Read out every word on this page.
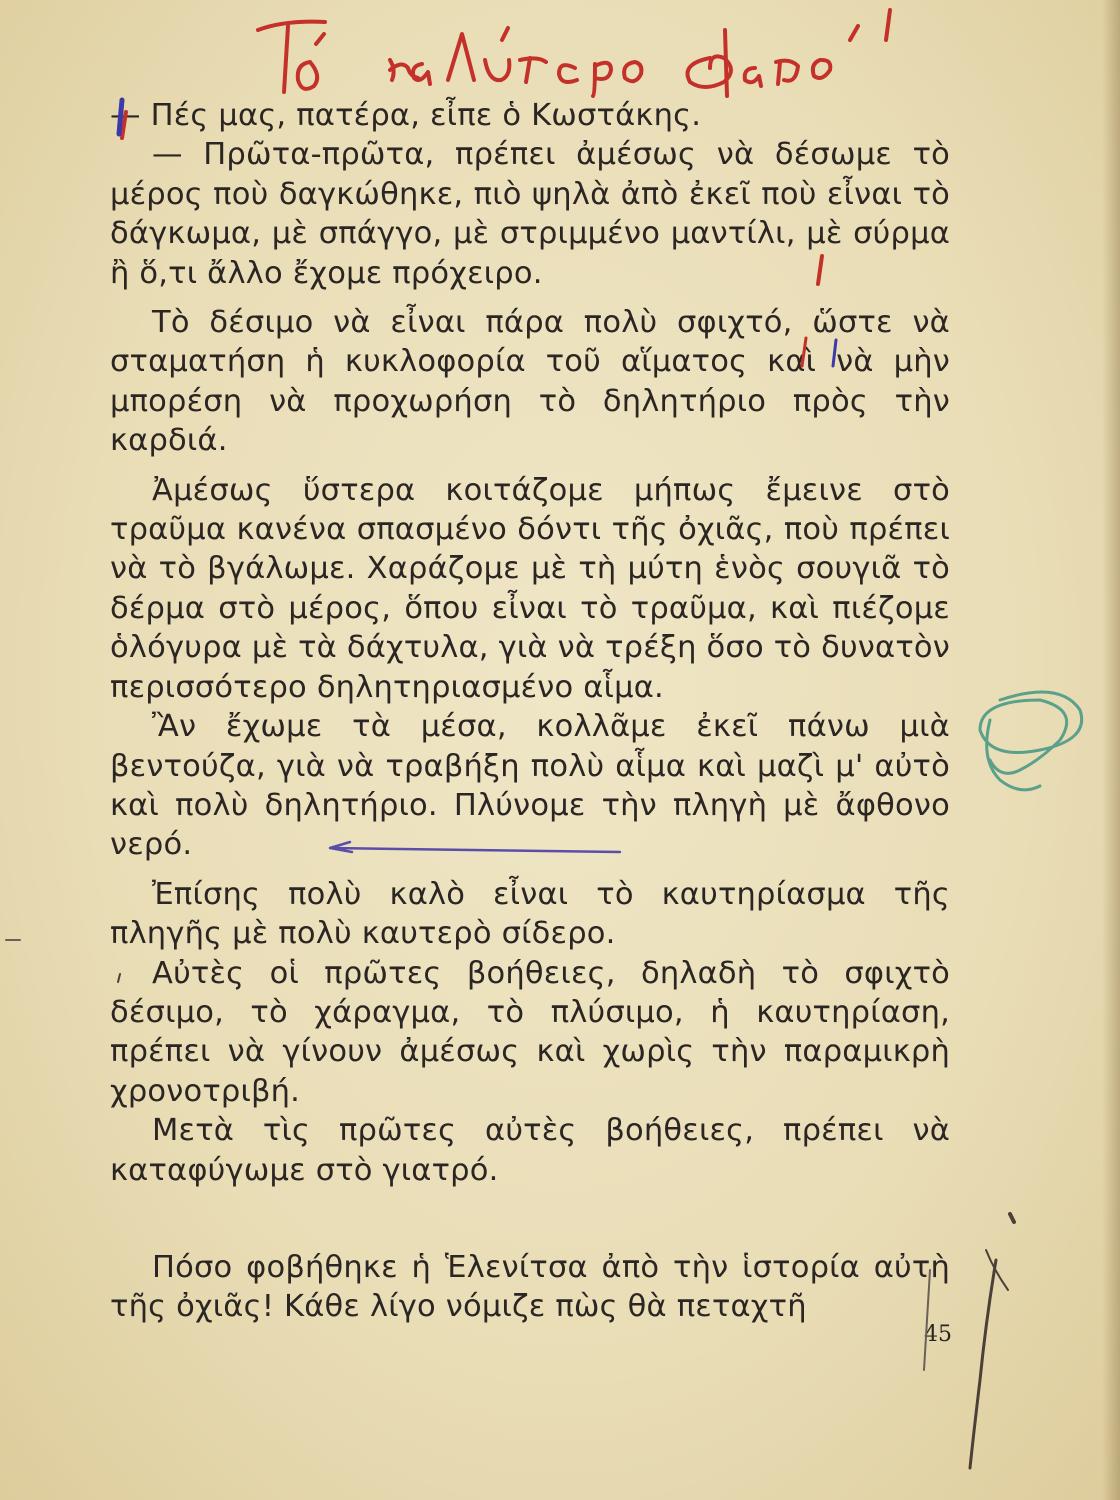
— Πές μας, πατέρα, εἶπε ὁ Κωστάκης.

— Πρῶτα-πρῶτα, πρέπει ἀμέσως νὰ δέσωμε τὸ μέρος ποὺ δαγκώθηκε, πιὸ ψηλὰ ἀπὸ ἐκεῖ ποὺ εἶναι τὸ δάγκωμα, μὲ σπάγγο, μὲ στριμμένο μαντίλι, μὲ σύρμα ἢ ὅ,τι ἄλλο ἔχομε πρόχειρο.

Τὸ δέσιμο νὰ εἶναι πάρα πολὺ σφιχτό, ὥστε νὰ σταματήση ἡ κυκλοφορία τοῦ αἵματος καὶ νὰ μὴν μπορέση νὰ προχωρήση τὸ δηλητήριο πρὸς τὴν καρδιά.

Ἀμέσως ὕστερα κοιτάζομε μήπως ἔμεινε στὸ τραῦμα κανένα σπασμένο δόντι τῆς ὀχιᾶς, ποὺ πρέπει νὰ τὸ βγάλωμε. Χαράζομε μὲ τὴ μύτη ἑνὸς σουγιᾶ τὸ δέρμα στὸ μέρος, ὅπου εἶναι τὸ τραῦμα, καὶ πιέζομε ὁλόγυρα μὲ τὰ δάχτυλα, γιὰ νὰ τρέξη ὅσο τὸ δυνατὸν περισσότερο δηλητηριασμένο αἷμα.

Ἂν ἔχωμε τὰ μέσα, κολλᾶμε ἐκεῖ πάνω μιὰ βεντούζα, γιὰ νὰ τραβήξη πολὺ αἷμα καὶ μαζὶ μ' αὐτὸ καὶ πολὺ δηλητήριο. Πλύνομε τὴν πληγὴ μὲ ἄφθονο νερό.

Ἐπίσης πολὺ καλὸ εἶναι τὸ καυτηρίασμα τῆς πληγῆς μὲ πολὺ καυτερὸ σίδερο.

Αὐτὲς οἱ πρῶτες βοήθειες, δηλαδὴ τὸ σφιχτὸ δέσιμο, τὸ χάραγμα, τὸ πλύσιμο, ἡ καυτηρίαση, πρέπει νὰ γίνουν ἀμέσως καὶ χωρὶς τὴν παραμικρὴ χρονοτριβή.

Μετὰ τὶς πρῶτες αὐτὲς βοήθειες, πρέπει νὰ καταφύγωμε στὸ γιατρό.

Πόσο φοβήθηκε ἡ Ἑλενίτσα ἀπὸ τὴν ἱστορία αὐτὴ τῆς ὀχιᾶς! Κάθε λίγο νόμιζε πὼς θὰ πεταχτῆ

45
